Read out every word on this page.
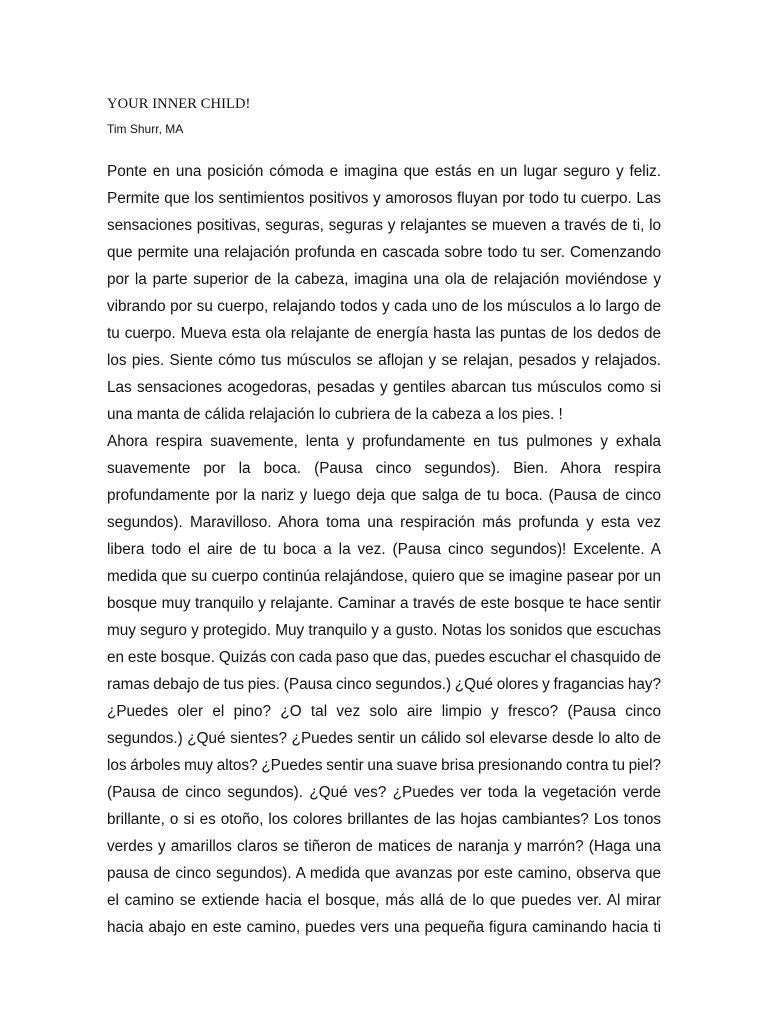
YOUR INNER CHILD!

Tim Shurr, MA

Ponte en una posición cómoda e imagina que estás en un lugar seguro y feliz.
Permite que los sentimientos positivos y amorosos fluyan por todo tu cuerpo. Las
sensaciones positivas, seguras, seguras y relajantes se mueven a través de ti, lo
que permite una relajación profunda en cascada sobre todo tu ser. Comenzando
por la parte superior de la cabeza, imagina una ola de relajación moviéndose y
vibrando por su cuerpo, relajando todos y cada uno de los músculos a lo largo de
tu cuerpo. Mueva esta ola relajante de energía hasta las puntas de los dedos de
los pies. Siente cómo tus músculos se aflojan y se relajan, pesados y relajados.
Las sensaciones acogedoras, pesadas y gentiles abarcan tus músculos como si
una manta de cálida relajación lo cubriera de la cabeza a los pies. !
Ahora respira suavemente, lenta y profundamente en tus pulmones y exhala
suavemente por la boca. (Pausa cinco segundos). Bien. Ahora respira
profundamente por la nariz y luego deja que salga de tu boca. (Pausa de cinco
segundos). Maravilloso. Ahora toma una respiración más profunda y esta vez
libera todo el aire de tu boca a la vez. (Pausa cinco segundos)! Excelente. A
medida que su cuerpo continúa relajándose, quiero que se imagine pasear por un
bosque muy tranquilo y relajante. Caminar a través de este bosque te hace sentir
muy seguro y protegido. Muy tranquilo y a gusto. Notas los sonidos que escuchas
en este bosque. Quizás con cada paso que das, puedes escuchar el chasquido de
ramas debajo de tus pies. (Pausa cinco segundos.) ¿Qué olores y fragancias hay?
¿Puedes oler el pino? ¿O tal vez solo aire limpio y fresco? (Pausa cinco
segundos.) ¿Qué sientes? ¿Puedes sentir un cálido sol elevarse desde lo alto de
los árboles muy altos? ¿Puedes sentir una suave brisa presionando contra tu piel?
(Pausa de cinco segundos). ¿Qué ves? ¿Puedes ver toda la vegetación verde
brillante, o si es otoño, los colores brillantes de las hojas cambiantes? Los tonos
verdes y amarillos claros se tiñeron de matices de naranja y marrón? (Haga una
pausa de cinco segundos). A medida que avanzas por este camino, observa que
el camino se extiende hacia el bosque, más allá de lo que puedes ver. Al mirar
hacia abajo en este camino, puedes vers una pequeña figura caminando hacia ti
